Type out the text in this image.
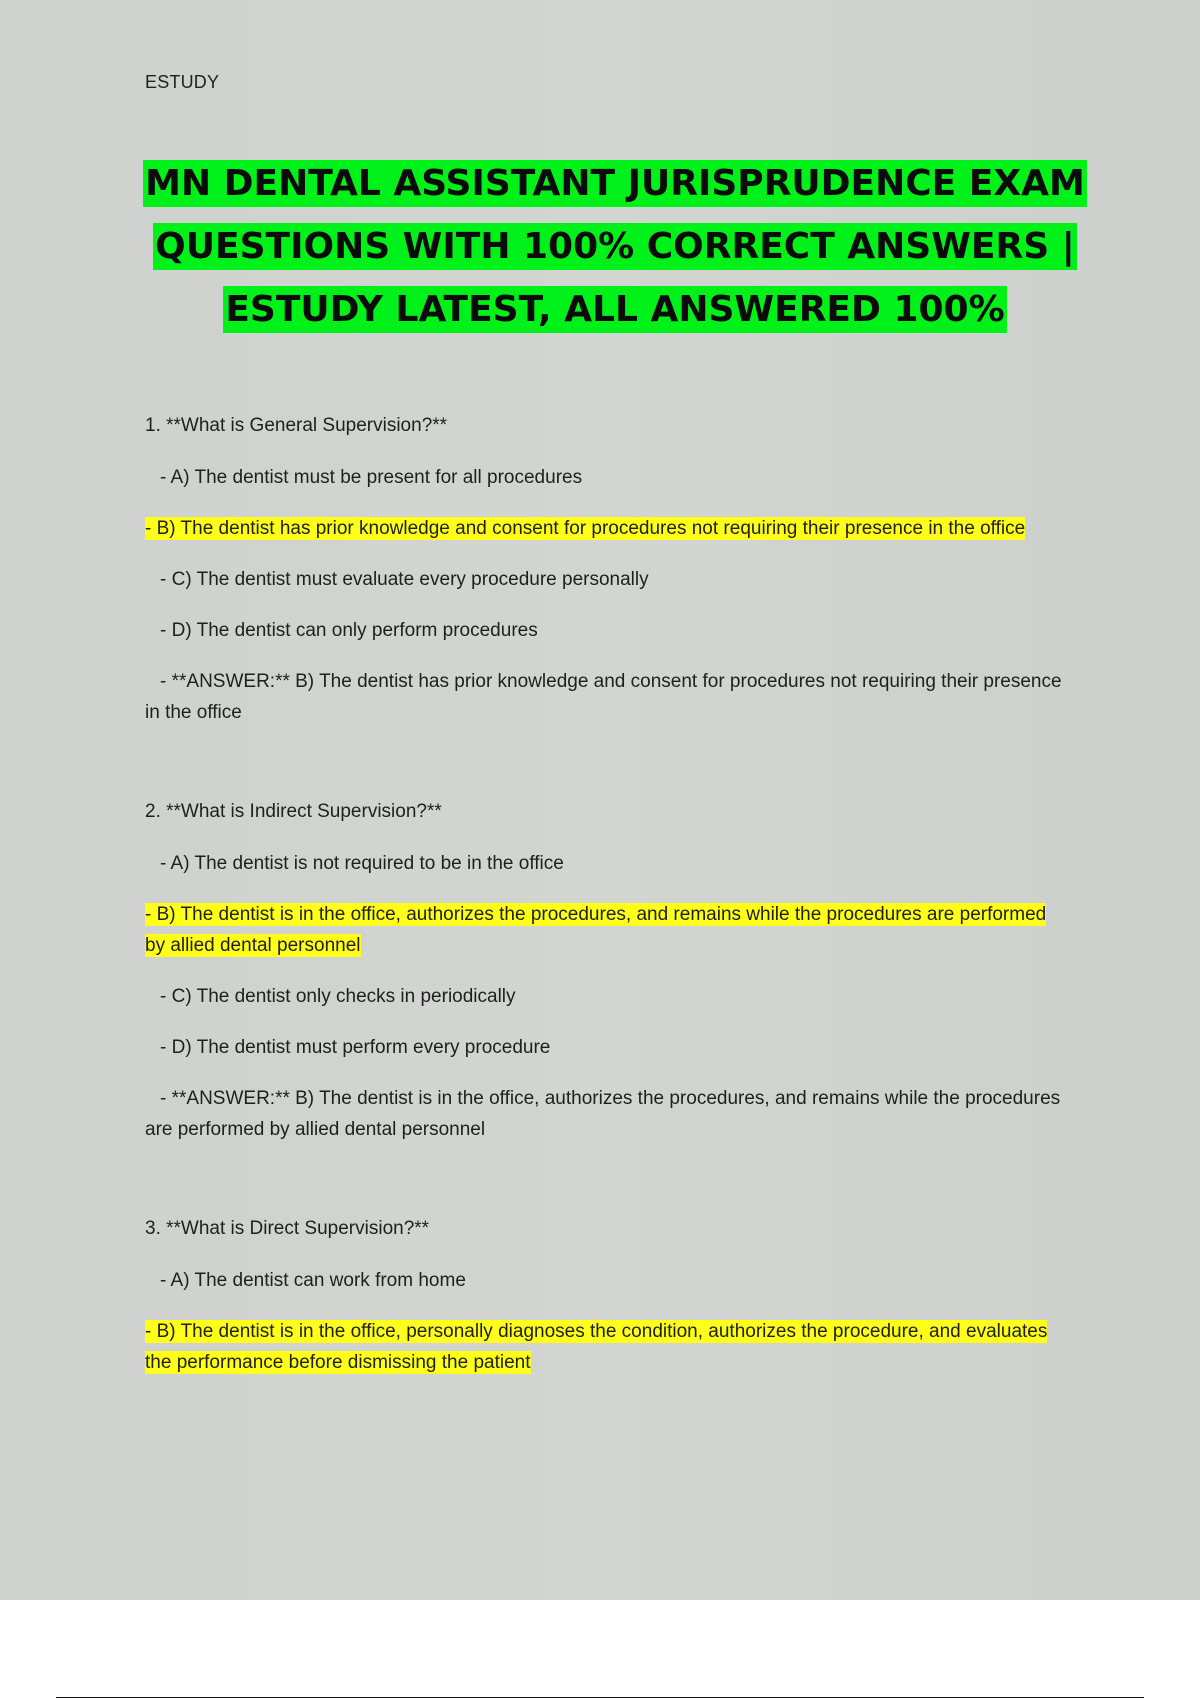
ESTUDY
MN DENTAL ASSISTANT JURISPRUDENCE EXAM
QUESTIONS WITH 100% CORRECT ANSWERS |
ESTUDY LATEST, ALL ANSWERED 100%
1. **What is General Supervision?**
- A) The dentist must be present for all procedures
- B) The dentist has prior knowledge and consent for procedures not requiring their presence in the office
- C) The dentist must evaluate every procedure personally
- D) The dentist can only perform procedures
- **ANSWER:** B) The dentist has prior knowledge and consent for procedures not requiring their presence in the office
2. **What is Indirect Supervision?**
- A) The dentist is not required to be in the office
- B) The dentist is in the office, authorizes the procedures, and remains while the procedures are performed by allied dental personnel
- C) The dentist only checks in periodically
- D) The dentist must perform every procedure
- **ANSWER:** B) The dentist is in the office, authorizes the procedures, and remains while the procedures are performed by allied dental personnel
3. **What is Direct Supervision?**
- A) The dentist can work from home
- B) The dentist is in the office, personally diagnoses the condition, authorizes the procedure, and evaluates the performance before dismissing the patient
